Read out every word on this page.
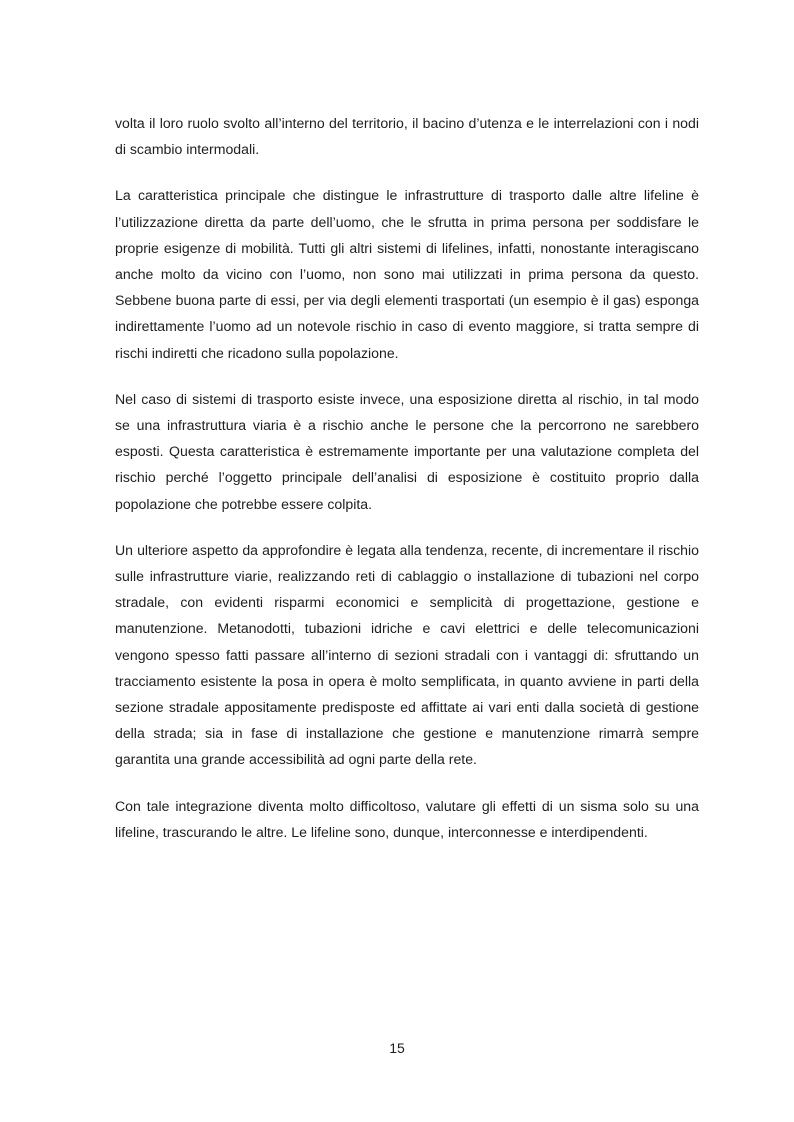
volta il loro ruolo svolto all’interno del territorio, il bacino d’utenza e le interrelazioni con i nodi di scambio intermodali.

La caratteristica principale che distingue le infrastrutture di trasporto dalle altre lifeline è l’utilizzazione diretta da parte dell’uomo, che le sfrutta in prima persona per soddisfare le proprie esigenze di mobilità. Tutti gli altri sistemi di lifelines, infatti, nonostante interagiscano anche molto da vicino con l’uomo, non sono mai utilizzati in prima persona da questo. Sebbene buona parte di essi, per via degli elementi trasportati (un esempio è il gas) esponga indirettamente l’uomo ad un notevole rischio in caso di evento maggiore, si tratta sempre di rischi indiretti che ricadono sulla popolazione.

Nel caso di sistemi di trasporto esiste invece, una esposizione diretta al rischio, in tal modo se una infrastruttura viaria è a rischio anche le persone che la percorrono ne sarebbero esposti. Questa caratteristica è estremamente importante per una valutazione completa del rischio perché l’oggetto principale dell’analisi di esposizione è costituito proprio dalla popolazione che potrebbe essere colpita.

Un ulteriore aspetto da approfondire è legata alla tendenza, recente, di incrementare il rischio sulle infrastrutture viarie, realizzando reti di cablaggio o installazione di tubazioni nel corpo stradale, con evidenti risparmi economici e semplicità di progettazione, gestione e manutenzione. Metanodotti, tubazioni idriche e cavi elettrici e delle telecomunicazioni vengono spesso fatti passare all’interno di sezioni stradali con i vantaggi di: sfruttando un tracciamento esistente la posa in opera è molto semplificata, in quanto avviene in parti della sezione stradale appositamente predisposte ed affittate ai vari enti dalla società di gestione della strada; sia in fase di installazione che gestione e manutenzione rimarrà sempre garantita una grande accessibilità ad ogni parte della rete.

Con tale integrazione diventa molto difficoltoso, valutare gli effetti di un sisma solo su una lifeline, trascurando le altre. Le lifeline sono, dunque, interconnesse e interdipendenti.

15
